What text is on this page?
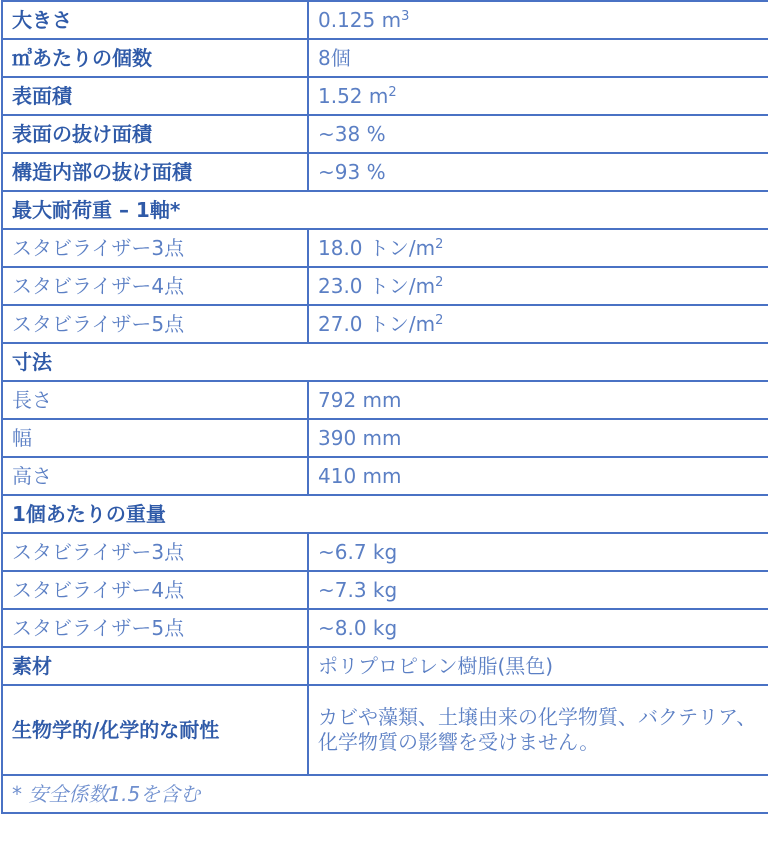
大きさ	0.125 $m^3$
㎥あたりの個数	8個
表面積	1.52 $m^2$
表面の抜け面積	~38 %
構造内部の抜け面積	~93 %
最大耐荷重 – 1軸*	
スタビライザー3点	18.0 トン$/m^2$
スタビライザー4点	23.0 トン$/m^2$
スタビライザー5点	27.0 トン$/m^2$
寸法	
長さ	792 mm
幅	390 mm
高さ	410 mm
1個あたりの重量	
スタビライザー3点	~6.7 kg
スタビライザー4点	~7.3 kg
スタビライザー5点	~8.0 kg
素材	ポリプロピレン樹脂(黒色)
生物学的/化学的な耐性	カビや藻類、土壌由来の化学物質、バクテリア、化学物質の影響を受けません。
* 安全係数1.5を含む	
